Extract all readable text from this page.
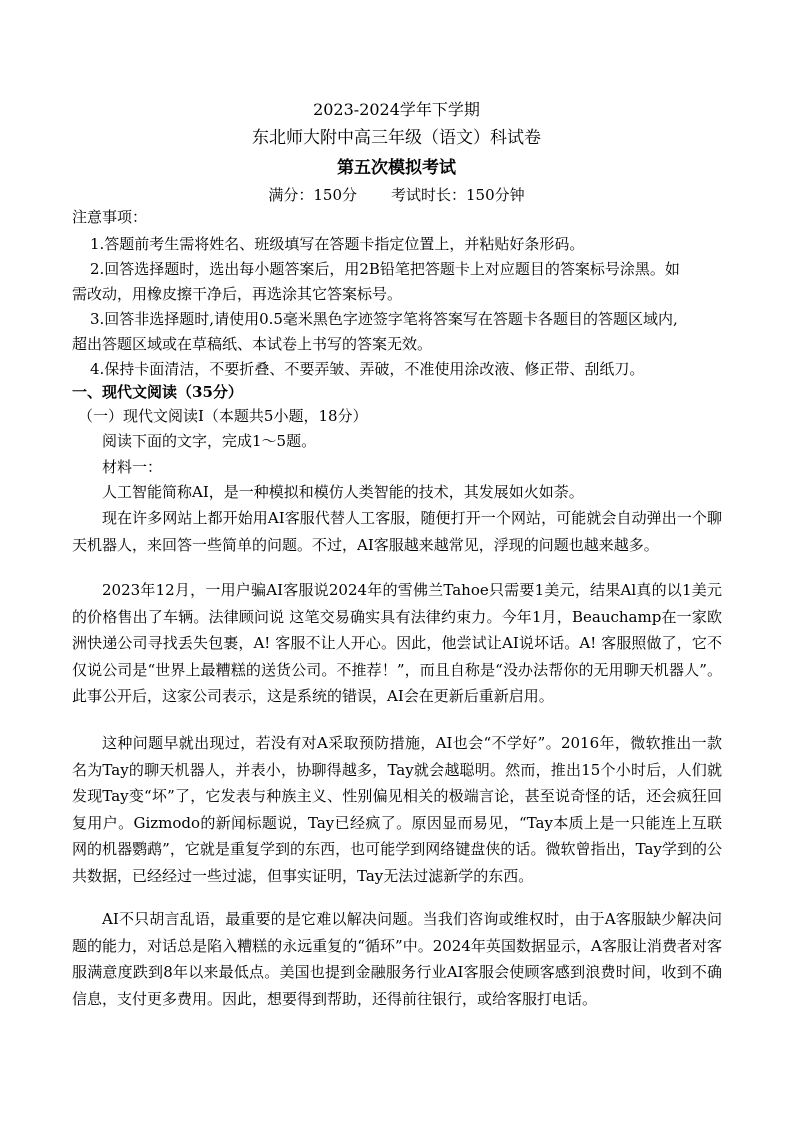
2023-2024学年下学期
东北师大附中高三年级（语文）科试卷
第五次模拟考试
满分：150分 考试时长：150分钟
注意事项：
1.答题前考生需将姓名、班级填写在答题卡指定位置上，并粘贴好条形码。
2.回答选择题时，选出每小题答案后，用2B铅笔把答题卡上对应题目的答案标号涂黑。如
需改动，用橡皮擦干净后，再选涂其它答案标号。
3.回答非选择题时,请使用0.5毫米黑色字迹签字笔将答案写在答题卡各题目的答题区域内,
超出答题区域或在草稿纸、本试卷上书写的答案无效。
4.保持卡面清洁，不要折叠、不要弄皱、弄破，不准使用涂改液、修正带、刮纸刀。
一、现代文阅读（35分）
（一）现代文阅读Ⅰ（本题共5小题，18分）
阅读下面的文字，完成1～5题。
材料一：
人工智能简称AI，是一种模拟和模仿人类智能的技术，其发展如火如荼。
现在许多网站上都开始用AI客服代替人工客服，随便打开一个网站，可能就会自动弹出一个聊天机器人，来回答一些简单的问题。不过，AI客服越来越常见，浮现的问题也越来越多。
2023年12月，一用户骗AI客服说2024年的雪佛兰Tahoe只需要1美元，结果Al真的以1美元的价格售出了车辆。法律顾问说 这笔交易确实具有法律约束力。今年1月，Beauchamp在一家欧洲快递公司寻找丢失包裹，A! 客服不让人开心。因此，他尝试让AI说坏话。A! 客服照做了，它不仅说公司是“世界上最糟糕的送货公司。不推荐！”，而且自称是“没办法帮你的无用聊天机器人”。此事公开后，这家公司表示，这是系统的错误，AI会在更新后重新启用。
这种问题早就出现过，若没有对A采取预防措施，AI也会“不学好”。2016年，微软推出一款名为Tay的聊天机器人，并表小，协聊得越多，Tay就会越聪明。然而，推出15个小时后，人们就发现Tay变“坏”了，它发表与种族主义、性别偏见相关的极端言论，甚至说奇怪的话，还会疯狂回复用户。Gizmodo的新闻标题说，Tay已经疯了。原因显而易见，“Tay本质上是一只能连上互联网的机器鹦鹉”，它就是重复学到的东西，也可能学到网络键盘侠的话。微软曾指出，Tay学到的公共数据，已经经过一些过滤，但事实证明，Tay无法过滤新学的东西。
AI不只胡言乱语，最重要的是它难以解决问题。当我们咨询或维权时，由于A客服缺少解决问题的能力，对话总是陷入糟糕的永远重复的“循环”中。2024年英国数据显示，A客服让消费者对客服满意度跌到8年以来最低点。美国也提到金融服务行业AI客服会使顾客感到浪费时间，收到不确信息，支付更多费用。因此，想要得到帮助，还得前往银行，或给客服打电话。
